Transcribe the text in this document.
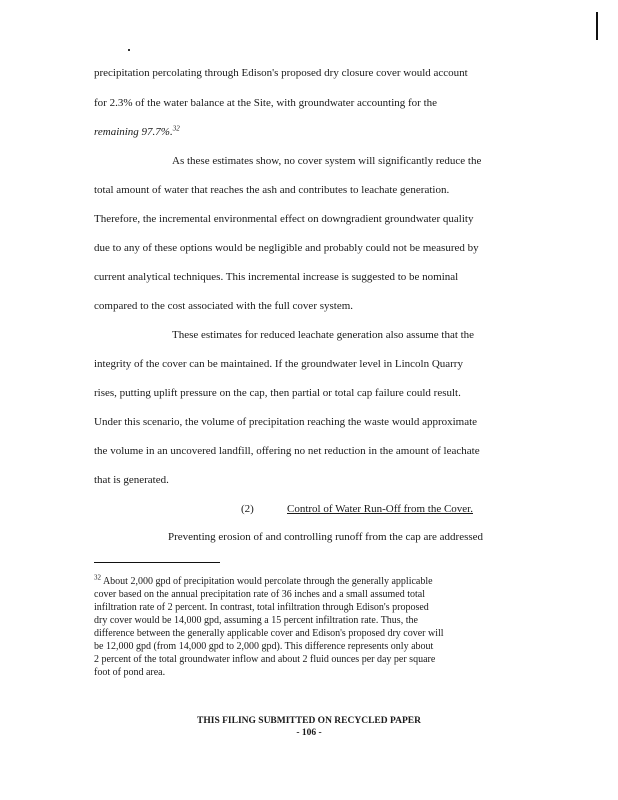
precipitation percolating through Edison's proposed dry closure cover would account
for 2.3% of the water balance at the Site, with groundwater accounting for the
remaining 97.7%.$^{32}$
As these estimates show, no cover system will significantly reduce the
total amount of water that reaches the ash and contributes to leachate generation.
Therefore, the incremental environmental effect on downgradient groundwater quality
due to any of these options would be negligible and probably could not be measured by
current analytical techniques. This incremental increase is suggested to be nominal
compared to the cost associated with the full cover system.
These estimates for reduced leachate generation also assume that the
integrity of the cover can be maintained. If the groundwater level in Lincoln Quarry
rises, putting uplift pressure on the cap, then partial or total cap failure could result.
Under this scenario, the volume of precipitation reaching the waste would approximate
the volume in an uncovered landfill, offering no net reduction in the amount of leachate
that is generated.
(2)	Control of Water Run-Off from the Cover.
Preventing erosion of and controlling runoff from the cap are addressed
$^{32}$ About 2,000 gpd of precipitation would percolate through the generally applicable
cover based on the annual precipitation rate of 36 inches and a small assumed total
infiltration rate of 2 percent. In contrast, total infiltration through Edison's proposed
dry cover would be 14,000 gpd, assuming a 15 percent infiltration rate. Thus, the
difference between the generally applicable cover and Edison's proposed dry cover will
be 12,000 gpd (from 14,000 gpd to 2,000 gpd). This difference represents only about
2 percent of the total groundwater inflow and about 2 fluid ounces per day per square
foot of pond area.
THIS FILING SUBMITTED ON RECYCLED PAPER
- 106 -
